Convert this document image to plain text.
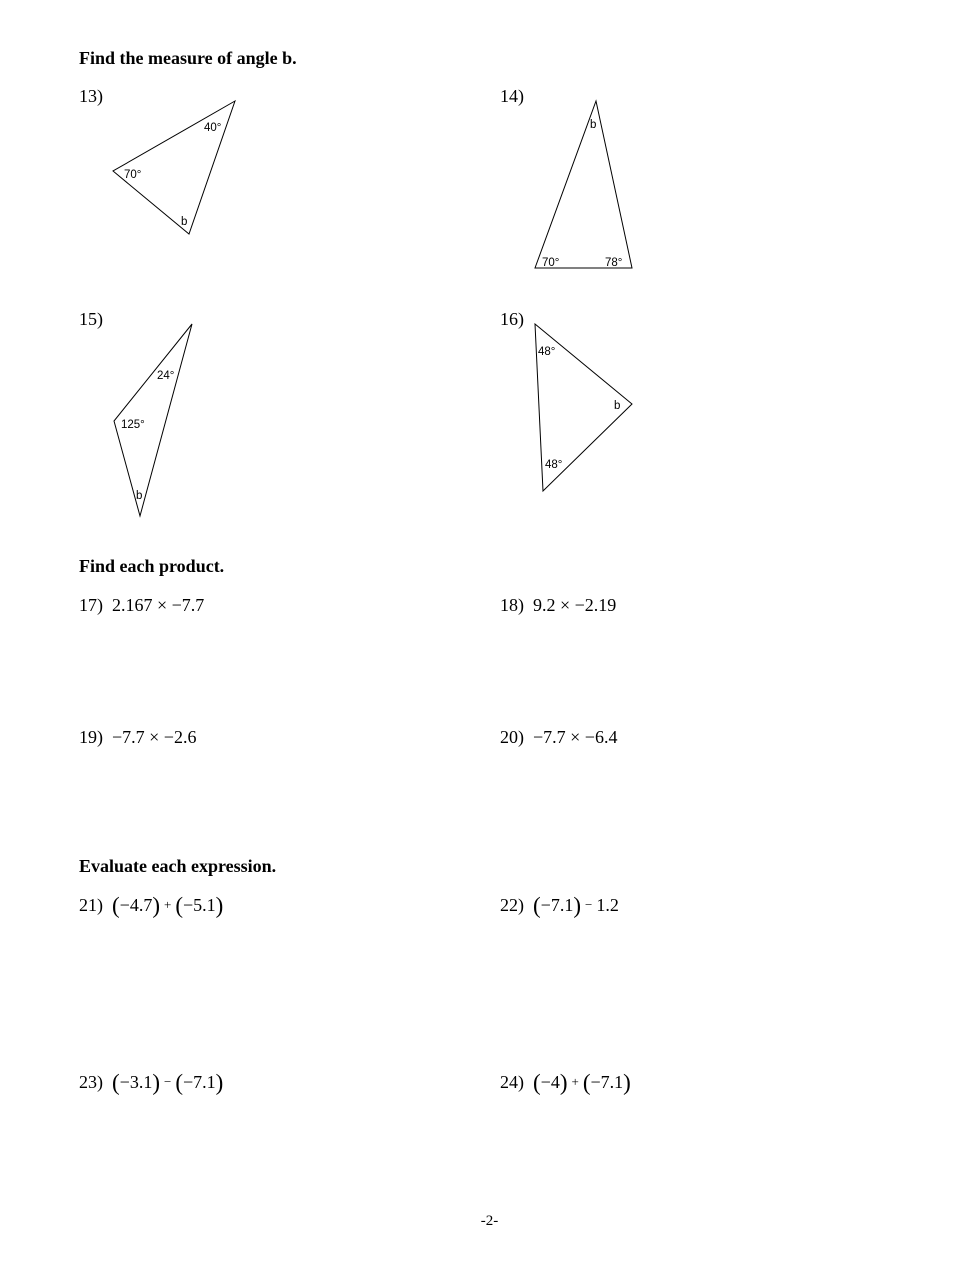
Find the measure of angle b.
13)
40°
70°
b
14)
b
70°	78°
15)
24°
125°
b
16)
48°
b
48°
Find each product.
17) 2.167 × −7.7	18) 9.2 × −2.19
19) −7.7 × −2.6	20) −7.7 × −6.4
Evaluate each expression.
21) (−4.7) + (−5.1)	22) (−7.1) − 1.2
23) (−3.1) − (−7.1)	24) (−4) + (−7.1)
-2-
